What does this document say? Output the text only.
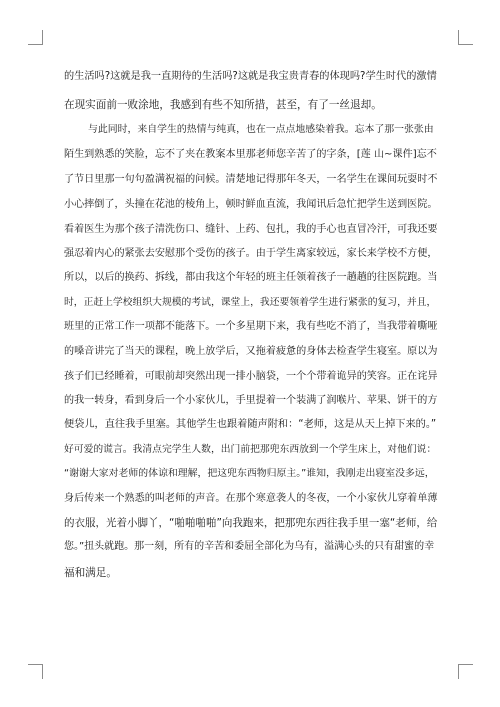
的生活吗?这就是我一直期待的生活吗?这就是我宝贵青春的体现吗?学生时代的激情
在现实面前一败涂地，我感到有些不知所措，甚至，有了一丝退却。
与此同时，来自学生的热情与纯真，也在一点点地感染着我。忘本了那一张张由
陌生到熟悉的笑脸，忘不了夹在教案本里那老师您辛苦了的字条，[莲 山~课件]忘不
了节日里那一句句盈满祝福的问候。清楚地记得那年冬天，一名学生在课间玩耍时不
小心摔倒了，头撞在花池的棱角上，顿时鲜血直流，我闻讯后急忙把学生送到医院。
看着医生为那个孩子清洗伤口、缝针、上药、包扎，我的手心也直冒冷汗，可我还要
强忍着内心的紧张去安慰那个受伤的孩子。由于学生离家较远，家长来学校不方便，
所以，以后的换药、拆线，都由我这个年轻的班主任领着孩子一趟趟的往医院跑。当
时，正赶上学校组织大规模的考试，课堂上，我还要领着学生进行紧张的复习，并且，
班里的正常工作一项都不能落下。一个多星期下来，我有些吃不消了，当我带着嘶哑
的嗓音讲完了当天的课程，晚上放学后，又拖着疲惫的身体去检查学生寝室。原以为
孩子们已经睡着，可眼前却突然出现一排小脑袋，一个个带着诡异的笑容。正在诧异
的我一转身，看到身后一个小家伙儿，手里提着一个装满了润喉片、苹果、饼干的方
便袋儿，直往我手里塞。其他学生也跟着随声附和：“老师，这是从天上掉下来的。”
好可爱的谎言。我清点完学生人数，出门前把那兜东西放到一个学生床上，对他们说：
“谢谢大家对老师的体谅和理解，把这兜东西物归原主。”谁知，我刚走出寝室没多远，
身后传来一个熟悉的叫老师的声音。在那个寒意袭人的冬夜，一个小家伙儿穿着单薄
的衣服，光着小脚丫，“啪啪啪啪”向我跑来，把那兜东西往我手里一塞“老师，给
您。”扭头就跑。那一刻，所有的辛苦和委屈全部化为乌有，溢满心头的只有甜蜜的幸
福和满足。
